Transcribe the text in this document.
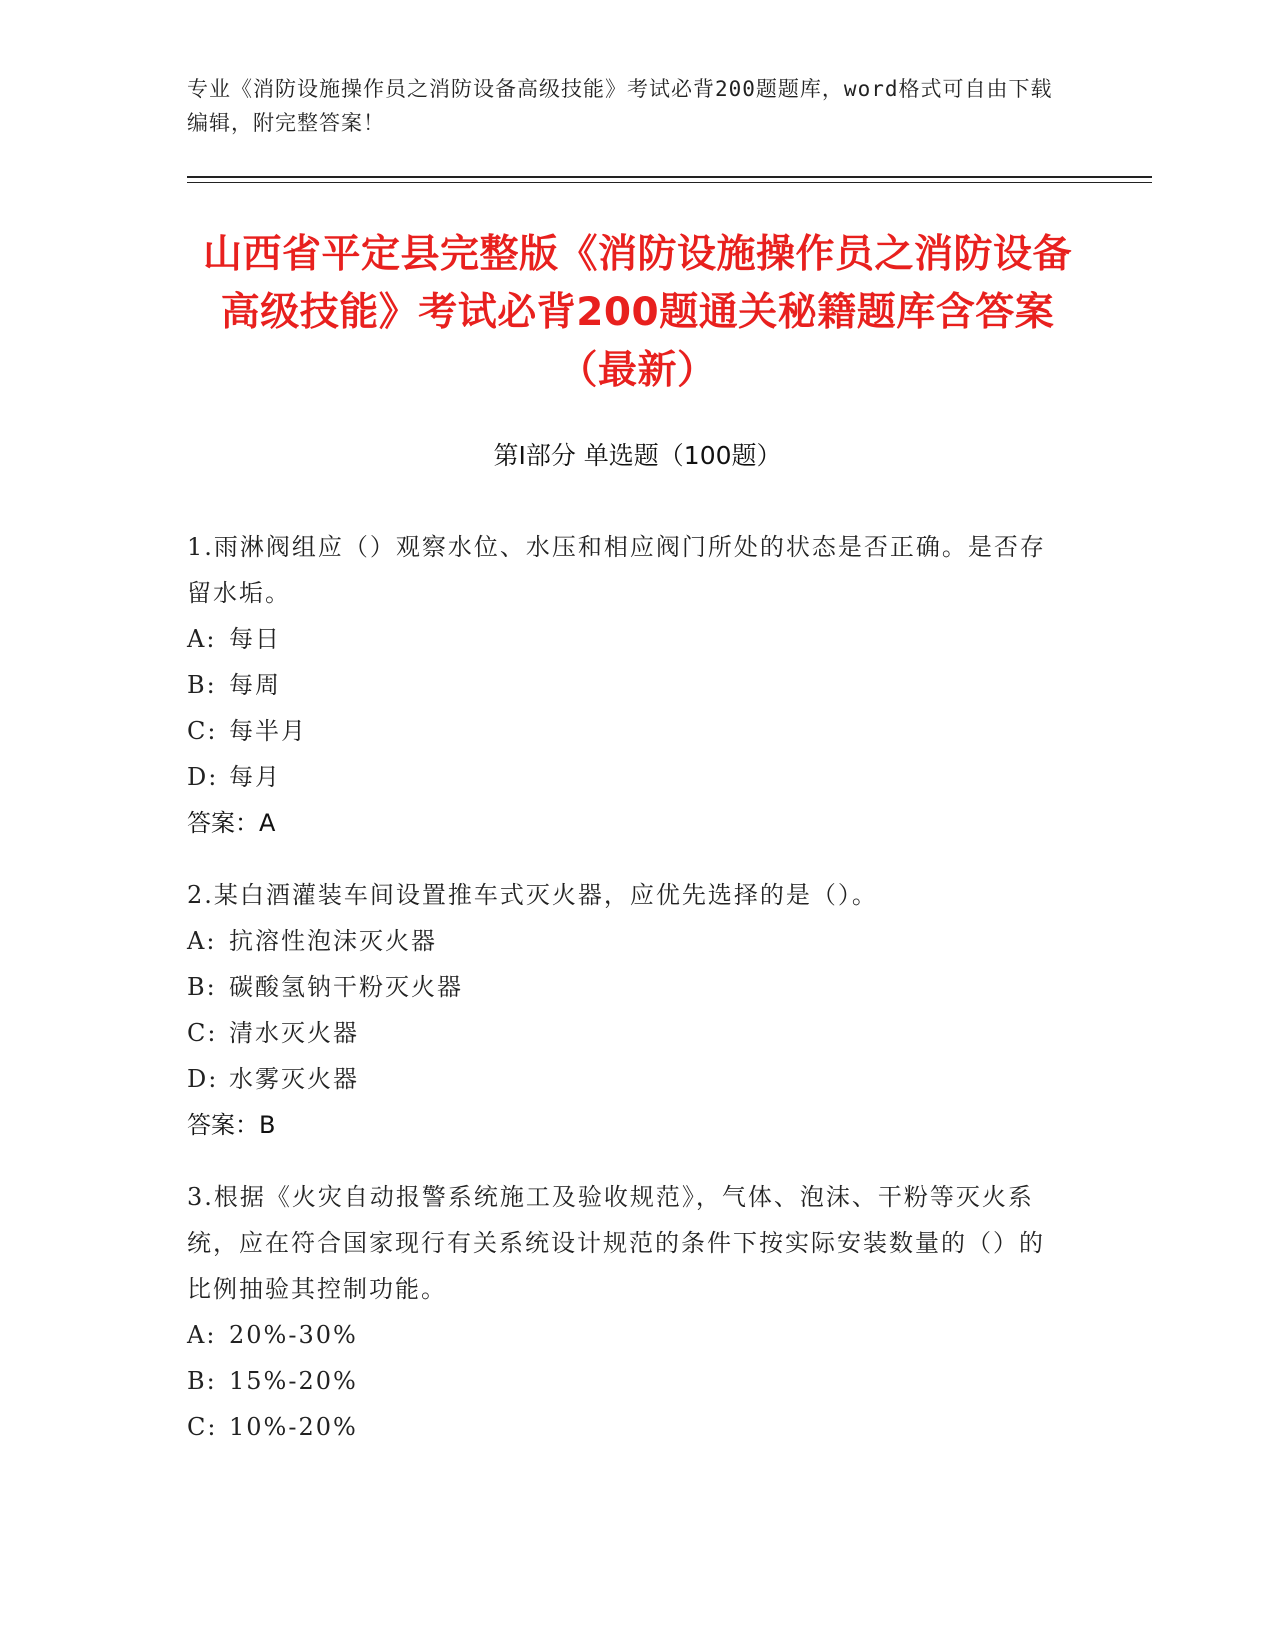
专业《消防设施操作员之消防设备高级技能》考试必背200题题库，word格式可自由下载编辑，附完整答案！
山西省平定县完整版《消防设施操作员之消防设备高级技能》考试必背200题通关秘籍题库含答案（最新）
第Ⅰ部分 单选题（100题）
1.雨淋阀组应（）观察水位、水压和相应阀门所处的状态是否正确。是否存留水垢。
A: 每日
B: 每周
C: 每半月
D: 每月
答案：A
2.某白酒灌装车间设置推车式灭火器，应优先选择的是（）。
A: 抗溶性泡沫灭火器
B: 碳酸氢钠干粉灭火器
C: 清水灭火器
D: 水雾灭火器
答案：B
3.根据《火灾自动报警系统施工及验收规范》，气体、泡沫、干粉等灭火系统，应在符合国家现行有关系统设计规范的条件下按实际安装数量的（）的比例抽验其控制功能。
A: 20%-30%
B: 15%-20%
C: 10%-20%
